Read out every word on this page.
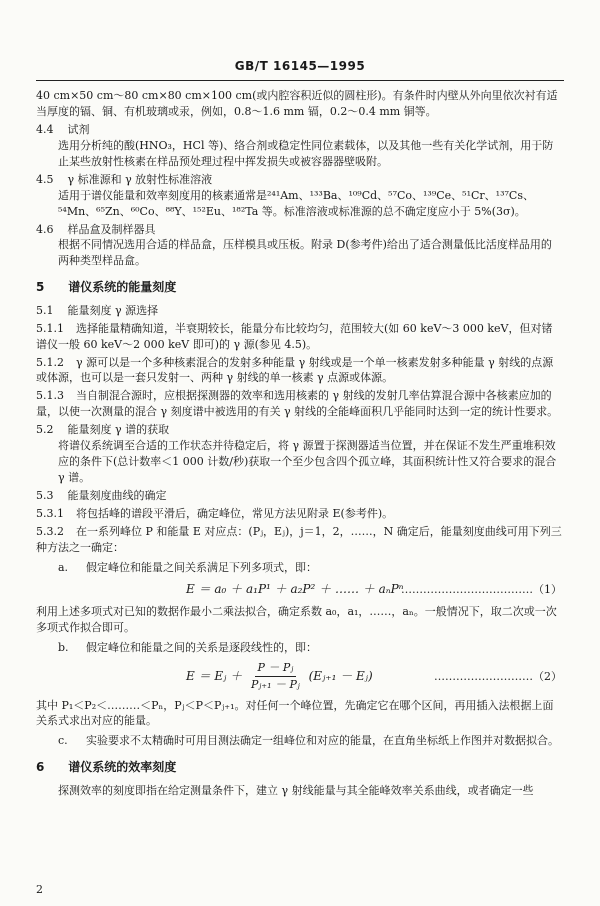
GB/T 16145—1995

40 cm×50 cm～80 cm×80 cm×100 cm(或内腔容积近似的圆柱形)。有条件时内壁从外向里依次衬有适当厚度的镉、铜、有机玻璃或汞，例如，0.8～1.6 mm 镉，0.2～0.4 mm 铜等。

4.4 试剂

选用分析纯的酸(HNO₃，HCl 等)、络合剂或稳定性同位素载体，以及其他一些有关化学试剂，用于防止某些放射性核素在样品预处理过程中挥发损失或被容器器壁吸附。

4.5 γ 标准源和 γ 放射性标准溶液

适用于谱仪能量和效率刻度用的核素通常是²⁴¹Am、¹³³Ba、¹⁰⁹Cd、⁵⁷Co、¹³⁹Ce、⁵¹Cr、¹³⁷Cs、⁵⁴Mn、⁶⁵Zn、⁶⁰Co、⁸⁸Y、¹⁵²Eu、¹⁸²Ta 等。标准溶液或标准源的总不确定度应小于 5%(3σ)。

4.6 样品盒及制样器具

根据不同情况选用合适的样品盒，压样模具或压板。附录 D(参考件)给出了适合测量低比活度样品用的两种类型样品盒。

5 谱仪系统的能量刻度

5.1 能量刻度 γ 源选择

5.1.1 选择能量精确知道，半衰期较长，能量分布比较均匀，范围较大(如 60 keV～3 000 keV，但对锗谱仪一般 60 keV～2 000 keV 即可)的 γ 源(参见 4.5)。

5.1.2 γ 源可以是一个多种核素混合的发射多种能量 γ 射线或是一个单一核素发射多种能量 γ 射线的点源或体源，也可以是一套只发射一、两种 γ 射线的单一核素 γ 点源或体源。

5.1.3 当自制混合源时，应根据探测器的效率和选用核素的 γ 射线的发射几率估算混合源中各核素应加的量，以使一次测量的混合 γ 刻度谱中被选用的有关 γ 射线的全能峰面积几乎能同时达到一定的统计性要求。

5.2 能量刻度 γ 谱的获取

将谱仪系统调至合适的工作状态并待稳定后，将 γ 源置于探测器适当位置，并在保证不发生严重堆积效应的条件下(总计数率＜1 000 计数/秒)获取一个至少包含四个孤立峰，其面积统计性又符合要求的混合 γ 谱。

5.3 能量刻度曲线的确定

5.3.1 将包括峰的谱段平滑后，确定峰位，常见方法见附录 E(参考件)。

5.3.2 在一系列峰位 P 和能量 E 对应点：(Pⱼ，Eⱼ)，j＝1，2，……，N 确定后，能量刻度曲线可用下列三种方法之一确定：

a. 假定峰位和能量之间关系满足下列多项式，即：

E ＝ a₀ ＋ a₁P¹ ＋ a₂P² ＋ …… ＋ aₙPⁿ
………………………………（1）

利用上述多项式对已知的数据作最小二乘法拟合，确定系数 a₀，a₁，……，aₙ。一般情况下，取二次或一次多项式作拟合即可。

b. 假定峰位和能量之间的关系是逐段线性的，即：

E ＝ Eⱼ ＋ $\frac{\text{P － Pⱼ}}{\text{Pⱼ₊₁ － Pⱼ}}$ (Eⱼ₊₁ － Eⱼ)	………………………（2）

其中 P₁＜P₂＜………＜Pₙ，Pⱼ＜P＜Pⱼ₊₁。对任何一个峰位置，先确定它在哪个区间，再用插入法根据上面关系式求出对应的能量。

c. 实验要求不太精确时可用目测法确定一组峰位和对应的能量，在直角坐标纸上作图并对数据拟合。

6 谱仪系统的效率刻度

探测效率的刻度即指在给定测量条件下，建立 γ 射线能量与其全能峰效率关系曲线，或者确定一些

2
